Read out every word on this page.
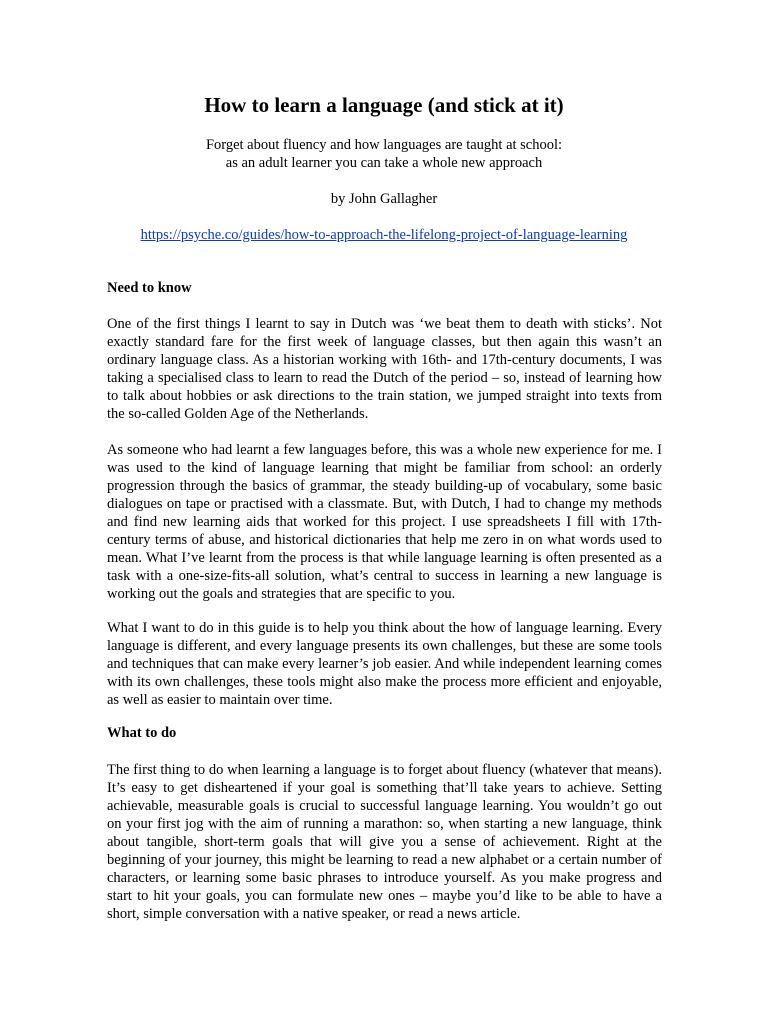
How to learn a language (and stick at it)

Forget about fluency and how languages are taught at school:

as an adult learner you can take a whole new approach

by John Gallagher

https://psyche.co/guides/how-to-approach-the-lifelong-project-of-language-learning

Need to know

One of the first things I learnt to say in Dutch was ‘we beat them to death with sticks’. Not exactly standard fare for the first week of language classes, but then again this wasn’t an ordinary language class. As a historian working with 16th- and 17th-century documents, I was taking a specialised class to learn to read the Dutch of the period – so, instead of learning how to talk about hobbies or ask directions to the train station, we jumped straight into texts from the so-called Golden Age of the Netherlands.

As someone who had learnt a few languages before, this was a whole new experience for me. I was used to the kind of language learning that might be familiar from school: an orderly progression through the basics of grammar, the steady building-up of vocabulary, some basic dialogues on tape or practised with a classmate. But, with Dutch, I had to change my methods and find new learning aids that worked for this project. I use spreadsheets I fill with 17th-century terms of abuse, and historical dictionaries that help me zero in on what words used to mean. What I’ve learnt from the process is that while language learning is often presented as a task with a one-size-fits-all solution, what’s central to success in learning a new language is working out the goals and strategies that are specific to you.

What I want to do in this guide is to help you think about the how of language learning. Every language is different, and every language presents its own challenges, but these are some tools and techniques that can make every learner’s job easier. And while independent learning comes with its own challenges, these tools might also make the process more efficient and enjoyable, as well as easier to maintain over time.

What to do

The first thing to do when learning a language is to forget about fluency (whatever that means). It’s easy to get disheartened if your goal is something that’ll take years to achieve. Setting achievable, measurable goals is crucial to successful language learning. You wouldn’t go out on your first jog with the aim of running a marathon: so, when starting a new language, think about tangible, short-term goals that will give you a sense of achievement. Right at the beginning of your journey, this might be learning to read a new alphabet or a certain number of characters, or learning some basic phrases to introduce yourself. As you make progress and start to hit your goals, you can formulate new ones – maybe you’d like to be able to have a short, simple conversation with a native speaker, or read a news article.
